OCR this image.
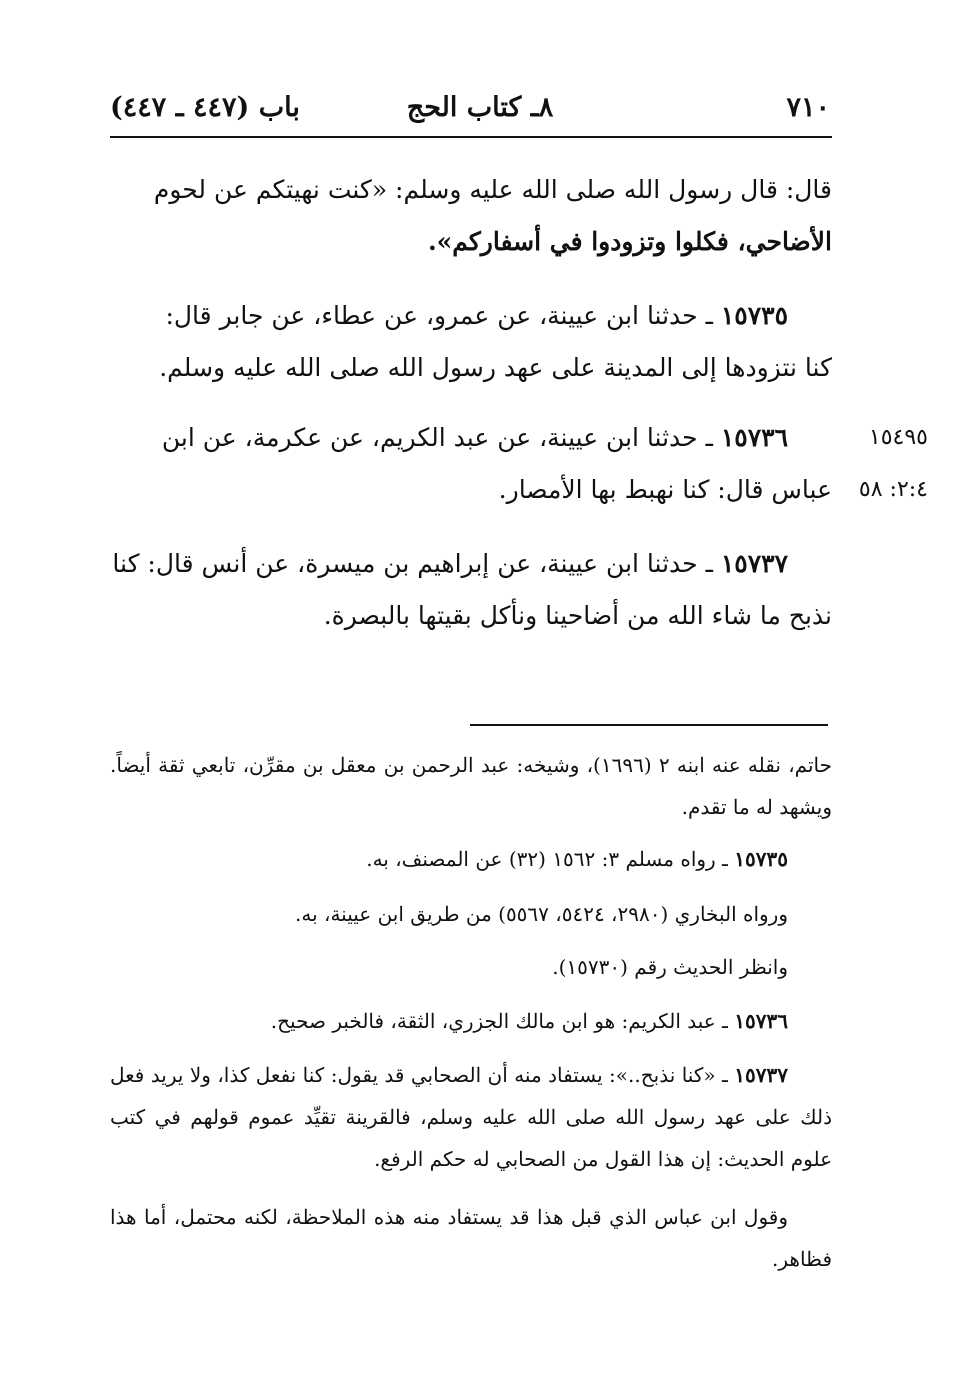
٧١٠
٨ـ كتاب الحج
باب (٤٤٧ ـ ٤٤٧)
قال: قال رسول الله صلى الله عليه وسلم: «كنت نهيتكم عن لحوم
الأضاحي، فكلوا وتزودوا في أسفاركم».
١٥٧٣٥ ـ حدثنا ابن عيينة، عن عمرو، عن عطاء، عن جابر قال:
كنا نتزودها إلى المدينة على عهد رسول الله صلى الله عليه وسلم.
١٥٧٣٦ ـ حدثنا ابن عيينة، عن عبد الكريم، عن عكرمة، عن ابن
عباس قال: كنا نهبط بها الأمصار.
١٥٤٩٥
٢:٤: ٥٨
١٥٧٣٧ ـ حدثنا ابن عيينة، عن إبراهيم بن ميسرة، عن أنس قال: كنا
نذبح ما شاء الله من أضاحينا ونأكل بقيتها بالبصرة.
حاتم، نقله عنه ابنه ٢ (١٦٩٦)، وشيخه: عبد الرحمن بن معقل بن مقرِّن، تابعي ثقة أيضاً. ويشهد له ما تقدم.
١٥٧٣٥ ـ رواه مسلم ٣: ١٥٦٢ (٣٢) عن المصنف، به.
ورواه البخاري (٢٩٨٠، ٥٤٢٤، ٥٥٦٧) من طريق ابن عيينة، به.
وانظر الحديث رقم (١٥٧٣٠).
١٥٧٣٦ ـ عبد الكريم: هو ابن مالك الجزري، الثقة، فالخبر صحيح.
١٥٧٣٧ ـ «كنا نذبح..»: يستفاد منه أن الصحابي قد يقول: كنا نفعل كذا، ولا يريد فعل ذلك على عهد رسول الله صلى الله عليه وسلم، فالقرينة تقيِّد عموم قولهم في كتب علوم الحديث: إن هذا القول من الصحابي له حكم الرفع.
وقول ابن عباس الذي قبل هذا قد يستفاد منه هذه الملاحظة، لكنه محتمل، أما هذا فظاهر.
